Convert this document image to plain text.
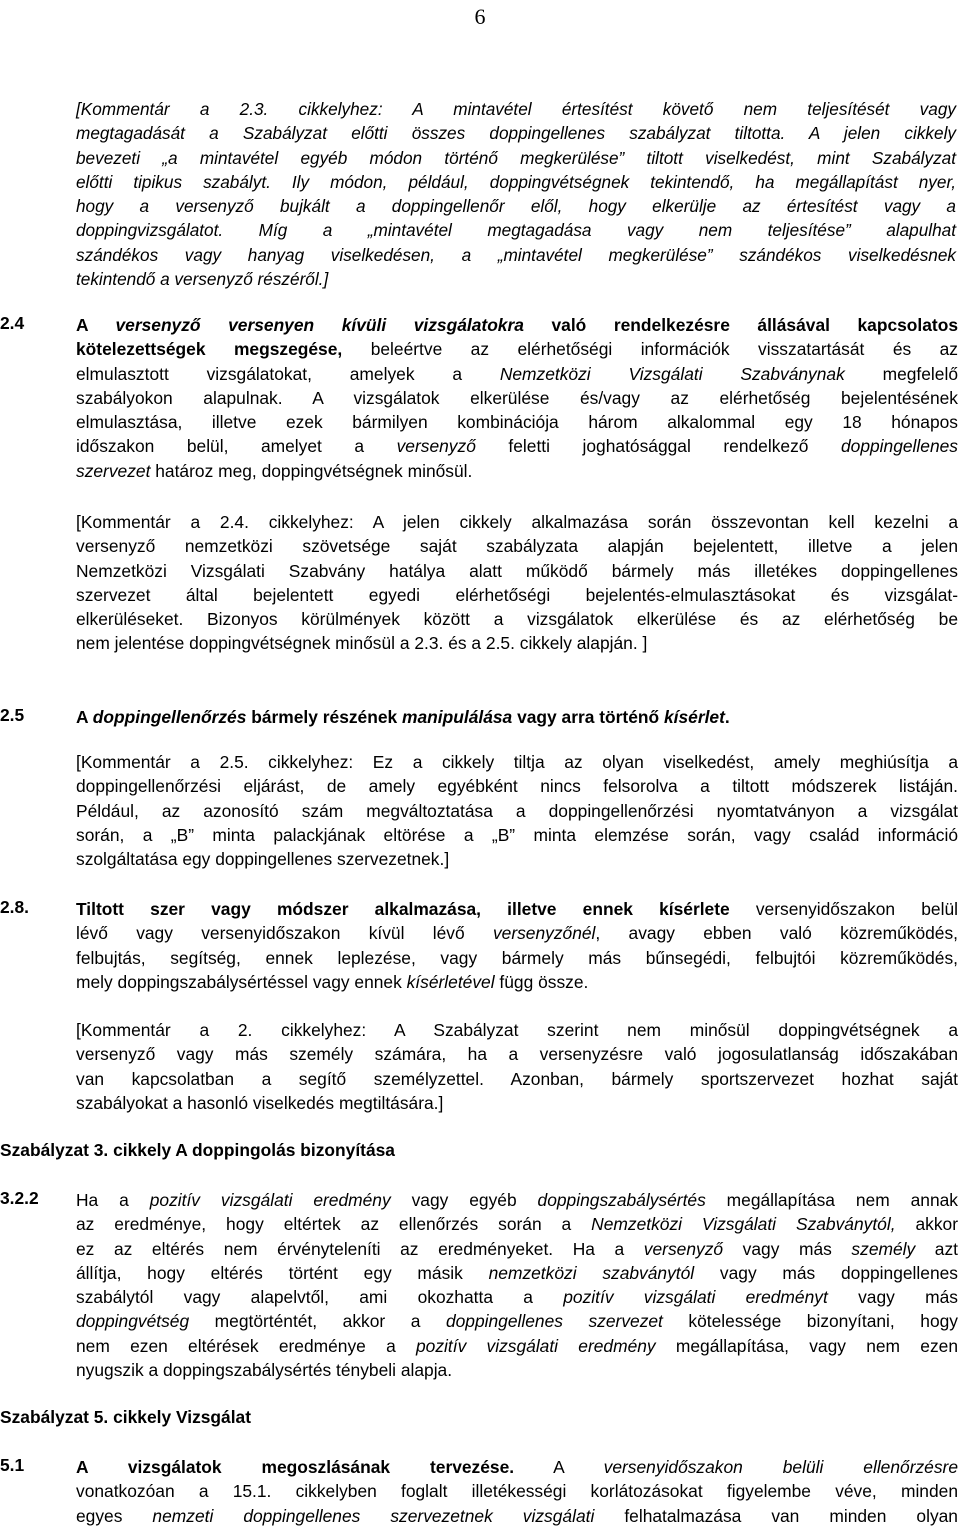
6

[Kommentár a 2.3. cikkelyhez: A mintavétel értesítést követő nem teljesítését vagy

megtagadását a Szabályzat előtti összes doppingellenes szabályzat tiltotta. A jelen cikkely

bevezeti „a mintavétel egyéb módon történő megkerülése” tiltott viselkedést, mint Szabályzat

előtti tipikus szabályt. Ily módon, például, doppingvétségnek tekintendő, ha megállapítást nyer,

hogy a versenyző bujkált a doppingellenőr elől, hogy elkerülje az értesítést vagy a

doppingvizsgálatot. Míg a „mintavétel megtagadása vagy nem teljesítése” alapulhat

szándékos vagy hanyag viselkedésen, a „mintavétel megkerülése” szándékos viselkedésnek

tekintendő a versenyző részéről.]

2.4	A versenyző versenyen kívüli vizsgálatokra való rendelkezésre állásával kapcsolatos

kötelezettségek megszegése, beleértve az elérhetőségi információk visszatartását és az

elmulasztott vizsgálatokat, amelyek a Nemzetközi Vizsgálati Szabványnak megfelelő

szabályokon alapulnak. A vizsgálatok elkerülése és/vagy az elérhetőség bejelentésének

elmulasztása, illetve ezek bármilyen kombinációja három alkalommal egy 18 hónapos

időszakon belül, amelyet a versenyző feletti joghatósággal rendelkező doppingellenes

szervezet határoz meg, doppingvétségnek minősül.

[Kommentár a 2.4. cikkelyhez: A jelen cikkely alkalmazása során összevontan kell kezelni a

versenyző nemzetközi szövetsége saját szabályzata alapján bejelentett, illetve a jelen

Nemzetközi Vizsgálati Szabvány hatálya alatt működő bármely más illetékes doppingellenes

szervezet által bejelentett egyedi elérhetőségi bejelentés-elmulasztásokat és vizsgálat-

elkerüléseket. Bizonyos körülmények között a vizsgálatok elkerülése és az elérhetőség be

nem jelentése doppingvétségnek minősül a 2.3. és a 2.5. cikkely alapján. ]

2.5	A doppingellenőrzés bármely részének manipulálása vagy arra történő kísérlet.

[Kommentár a 2.5. cikkelyhez: Ez a cikkely tiltja az olyan viselkedést, amely meghiúsítja a

doppingellenőrzési eljárást, de amely egyébként nincs felsorolva a tiltott módszerek listáján.

Például, az azonosító szám megváltoztatása a doppingellenőrzési nyomtatványon a vizsgálat

során, a „B” minta palackjának eltörése a „B” minta elemzése során, vagy család információ

szolgáltatása egy doppingellenes szervezetnek.]

2.8.	Tiltott szer vagy módszer alkalmazása, illetve ennek kísérlete versenyidőszakon belül

lévő vagy versenyidőszakon kívül lévő versenyzőnél, avagy ebben való közreműködés,

felbujtás, segítség, ennek leplezése, vagy bármely más bűnsegédi, felbujtói közreműködés,

mely doppingszabálysértéssel vagy ennek kísérletével függ össze.

[Kommentár a 2. cikkelyhez: A Szabályzat szerint nem minősül doppingvétségnek a

versenyző vagy más személy számára, ha a versenyzésre való jogosulatlanság időszakában

van kapcsolatban a segítő személyzettel. Azonban, bármely sportszervezet hozhat saját

szabályokat a hasonló viselkedés megtiltására.]

Szabályzat 3. cikkely A doppingolás bizonyítása
3.2.2 Ha a pozitív vizsgálati eredmény vagy egyéb doppingszabálysértés megállapítása nem annak

az eredménye, hogy eltértek az ellenőrzés során a Nemzetközi Vizsgálati Szabványtól, akkor

ez az eltérés nem érvényteleníti az eredményeket. Ha a versenyző vagy más személy azt

állítja, hogy eltérés történt egy másik nemzetközi szabványtól vagy más doppingellenes

szabálytól vagy alapelvtől, ami okozhatta a pozitív vizsgálati eredményt vagy más

doppingvétség megtörténtét, akkor a doppingellenes szervezet kötelessége bizonyítani, hogy

nem ezen eltérések eredménye a pozitív vizsgálati eredmény megállapítása, vagy nem ezen

nyugszik a doppingszabálysértés ténybeli alapja.

Szabályzat 5. cikkely Vizsgálat
5.1	A vizsgálatok megoszlásának tervezése. A versenyidőszakon belüli ellenőrzésre

vonatkozóan a 15.1. cikkelyben foglalt illetékességi korlátozásokat figyelembe véve, minden

egyes nemzeti doppingellenes szervezetnek vizsgálati felhatalmazása van minden olyan
